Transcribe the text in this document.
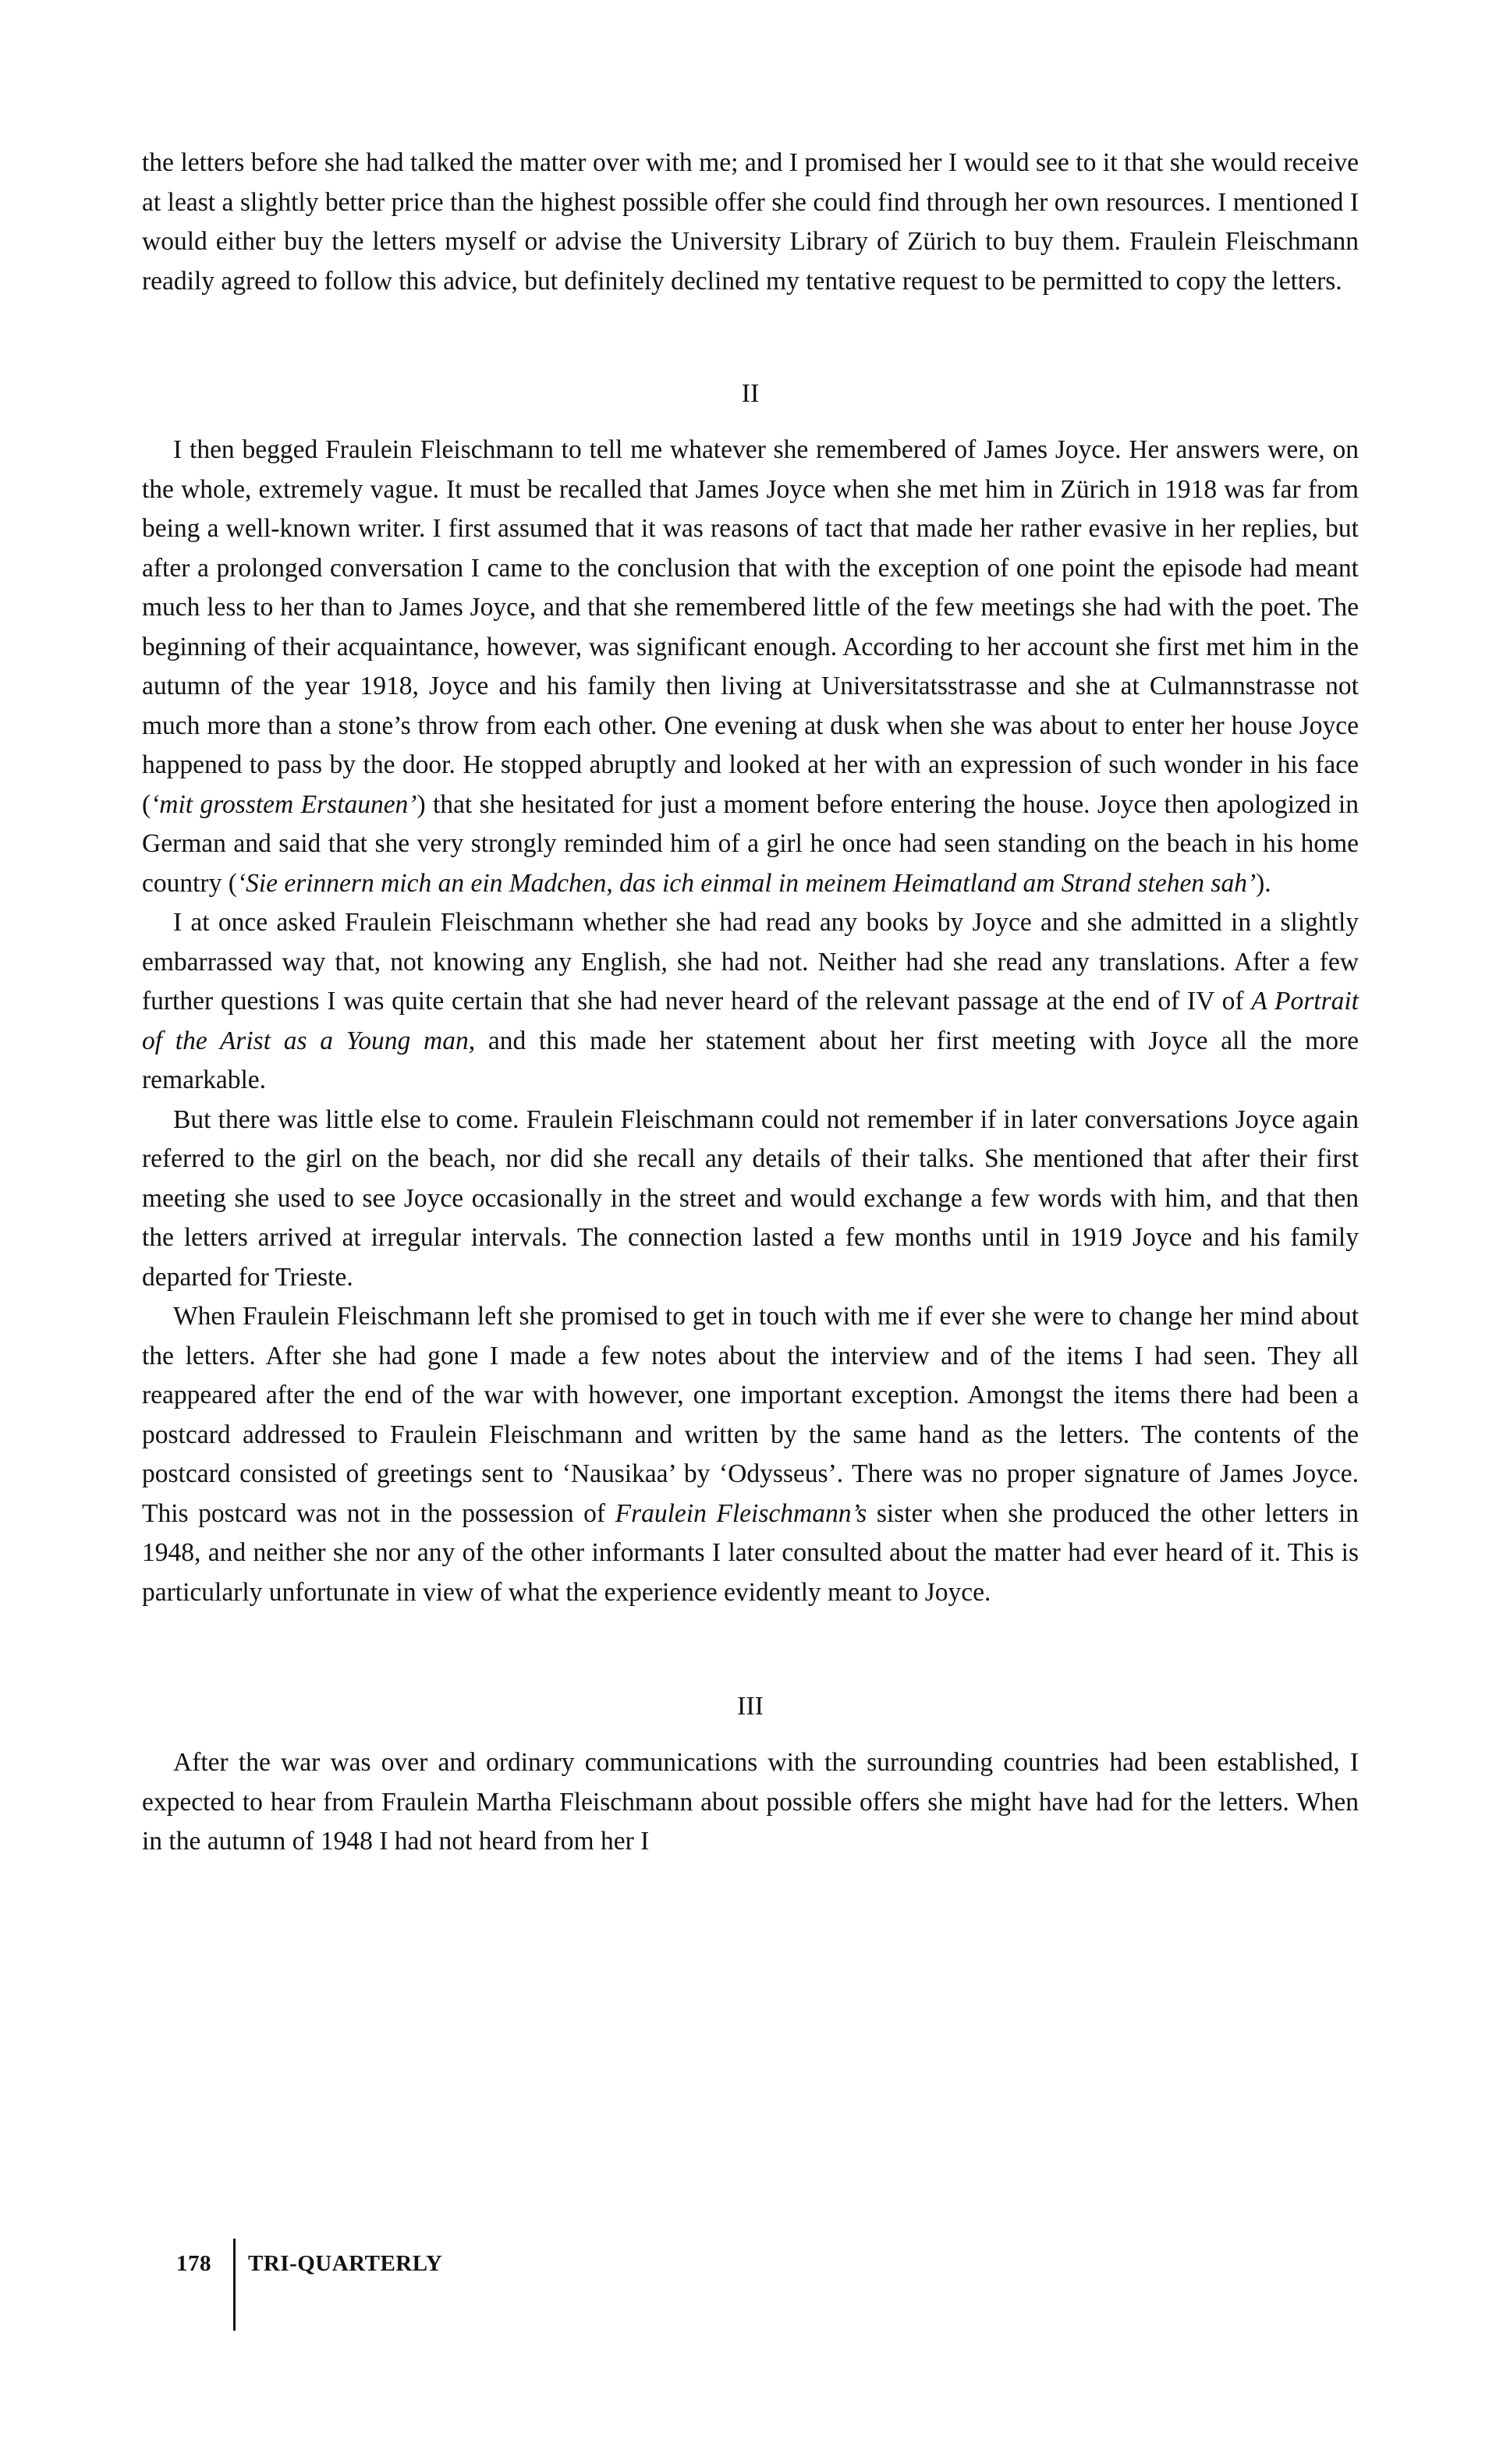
the letters before she had talked the matter over with me; and I promised her I would see to it that she would receive at least a slightly better price than the highest possible offer she could find through her own resources. I mentioned I would either buy the letters myself or advise the University Library of Zürich to buy them. Fraulein Fleischmann readily agreed to follow this advice, but definitely declined my tentative request to be permitted to copy the letters.

II

I then begged Fraulein Fleischmann to tell me whatever she remembered of James Joyce. Her answers were, on the whole, extremely vague. It must be recalled that James Joyce when she met him in Zürich in 1918 was far from being a well-known writer. I first assumed that it was reasons of tact that made her rather evasive in her replies, but after a prolonged conversation I came to the conclusion that with the exception of one point the episode had meant much less to her than to James Joyce, and that she remembered little of the few meetings she had with the poet. The beginning of their acquaintance, however, was significant enough. According to her account she first met him in the autumn of the year 1918, Joyce and his family then living at Universitatsstrasse and she at Culmannstrasse not much more than a stone’s throw from each other. One evening at dusk when she was about to enter her house Joyce happened to pass by the door. He stopped abruptly and looked at her with an expression of such wonder in his face (‘mit grosstem Erstaunen’) that she hesitated for just a moment before entering the house. Joyce then apologized in German and said that she very strongly reminded him of a girl he once had seen standing on the beach in his home country (‘Sie erinnern mich an ein Madchen, das ich einmal in meinem Heimatland am Strand stehen sah’).

I at once asked Fraulein Fleischmann whether she had read any books by Joyce and she admitted in a slightly embarrassed way that, not knowing any English, she had not. Neither had she read any translations. After a few further questions I was quite certain that she had never heard of the relevant passage at the end of IV of A Portrait of the Arist as a Young man, and this made her statement about her first meeting with Joyce all the more remarkable.

But there was little else to come. Fraulein Fleischmann could not remember if in later conversations Joyce again referred to the girl on the beach, nor did she recall any details of their talks. She mentioned that after their first meeting she used to see Joyce occasionally in the street and would exchange a few words with him, and that then the letters arrived at irregular intervals. The connection lasted a few months until in 1919 Joyce and his family departed for Trieste.

When Fraulein Fleischmann left she promised to get in touch with me if ever she were to change her mind about the letters. After she had gone I made a few notes about the interview and of the items I had seen. They all reappeared after the end of the war with however, one important exception. Amongst the items there had been a postcard addressed to Fraulein Fleischmann and written by the same hand as the letters. The contents of the postcard consisted of greetings sent to ‘Nausikaa’ by ‘Odysseus’. There was no proper signature of James Joyce. This postcard was not in the possession of Fraulein Fleischmann’s sister when she produced the other letters in 1948, and neither she nor any of the other informants I later consulted about the matter had ever heard of it. This is particularly unfortunate in view of what the experience evidently meant to Joyce.

III

After the war was over and ordinary communications with the surrounding countries had been established, I expected to hear from Fraulein Martha Fleischmann about possible offers she might have had for the letters. When in the autumn of 1948 I had not heard from her I

178 TRI-QUARTERLY
